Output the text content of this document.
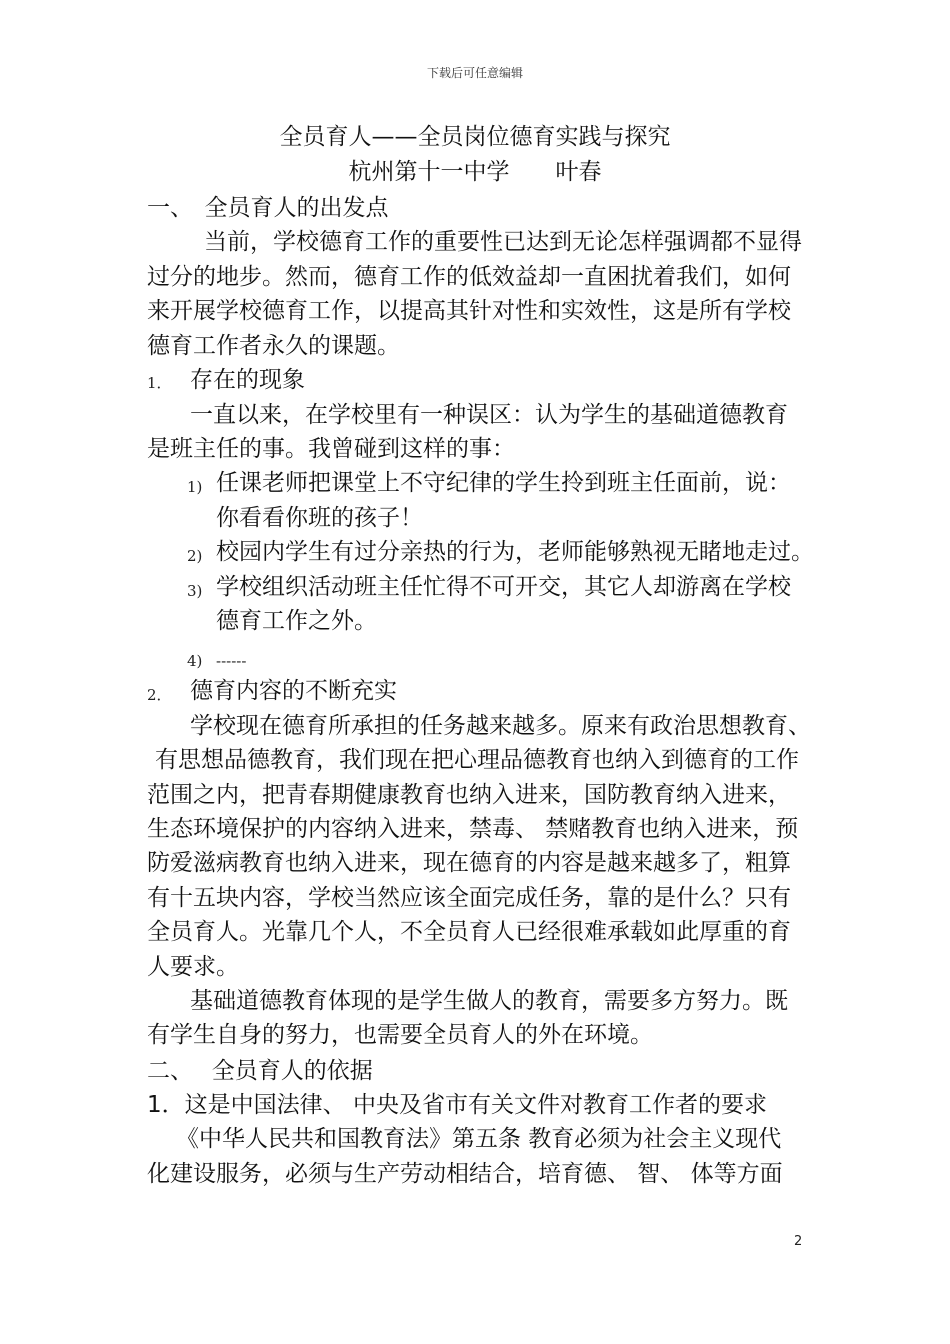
下载后可任意编辑
全员育人——全员岗位德育实践与探究
杭州第十一中学　　叶春
一、　全员育人的出发点
当前，学校德育工作的重要性已达到无论怎样强调都不显得
过分的地步。然而，德育工作的低效益却一直困扰着我们，如何
来开展学校德育工作，以提高其针对性和实效性，这是所有学校
德育工作者永久的课题。
1． 存在的现象
一直以来，在学校里有一种误区：认为学生的基础道德教育
是班主任的事。我曾碰到这样的事：
1) 任课老师把课堂上不守纪律的学生拎到班主任面前，说：
你看看你班的孩子！
2) 校园内学生有过分亲热的行为，老师能够熟视无睹地走过。
3) 学校组织活动班主任忙得不可开交，其它人却游离在学校
德育工作之外。
4) ------
2． 德育内容的不断充实
学校现在德育所承担的任务越来越多。原来有政治思想教育、
有思想品德教育，我们现在把心理品德教育也纳入到德育的工作
范围之内，把青春期健康教育也纳入进来，国防教育纳入进来，
生态环境保护的内容纳入进来，禁毒、 禁赌教育也纳入进来，预
防爱滋病教育也纳入进来，现在德育的内容是越来越多了，粗算
有十五块内容，学校当然应该全面完成任务，靠的是什么？只有
全员育人。光靠几个人，不全员育人已经很难承载如此厚重的育
人要求。
基础道德教育体现的是学生做人的教育，需要多方努力。既
有学生自身的努力，也需要全员育人的外在环境。
二、　 全员育人的依据
1．这是中国法律、 中央及省市有关文件对教育工作者的要求
《中华人民共和国教育法》第五条 教育必须为社会主义现代
化建设服务，必须与生产劳动相结合，培育德、 智、 体等方面
2
